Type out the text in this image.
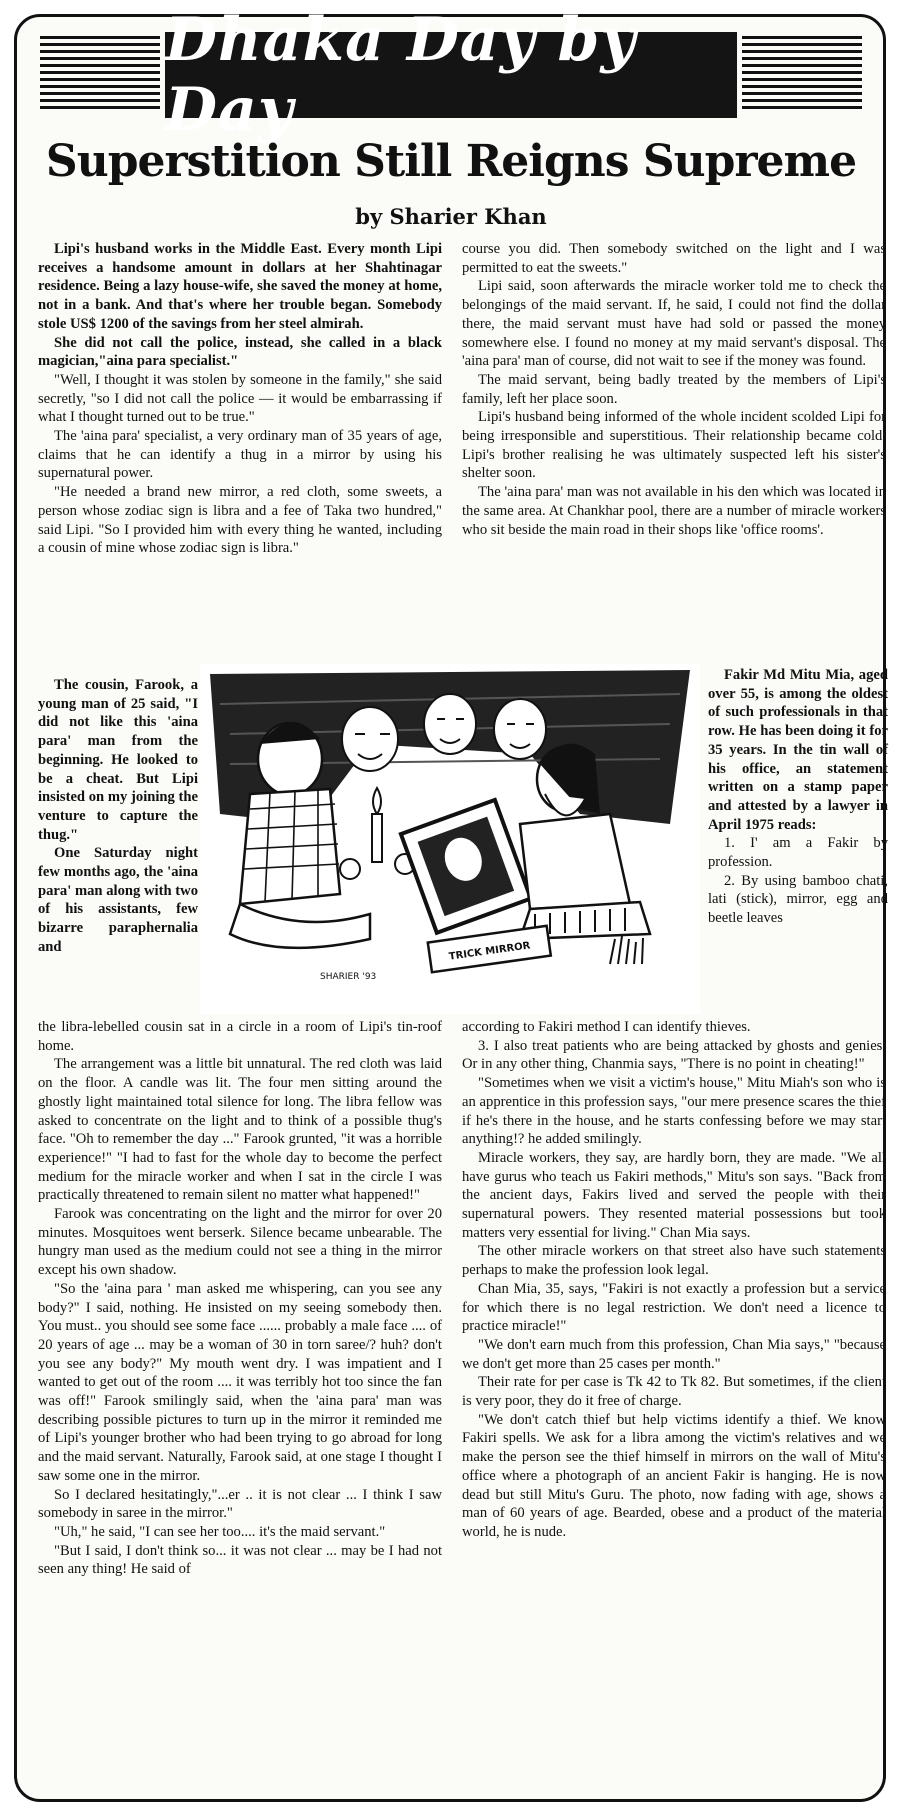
Dhaka Day by Day
Superstition Still Reigns Supreme
by Sharier Khan

Lipi's husband works in the Middle East. Every month Lipi receives a handsome amount in dollars at her Shahtinagar residence. Being a lazy house-wife, she saved the money at home, not in a bank. And that's where her trouble began. Somebody stole US$ 1200 of the savings from her steel almirah.

She did not call the police, instead, she called in a black magician,"aina para specialist."

"Well, I thought it was stolen by someone in the family," she said secretly, "so I did not call the police — it would be embarrassing if what I thought turned out to be true."

The 'aina para' specialist, a very ordinary man of 35 years of age, claims that he can identify a thug in a mirror by using his supernatural power.

"He needed a brand new mirror, a red cloth, some sweets, a person whose zodiac sign is libra and a fee of Taka two hundred," said Lipi. "So I provided him with every thing he wanted, including a cousin of mine whose zodiac sign is libra."

The cousin, Farook, a young man of 25 said, "I did not like this 'aina para' man from the beginning. He looked to be a cheat. But Lipi insisted on my joining the venture to capture the thug."

One Saturday night few months ago, the 'aina para' man along with two of his assistants, few bizarre paraphernalia and

the libra-lebelled cousin sat in a circle in a room of Lipi's tin-roof home.

The arrangement was a little bit unnatural. The red cloth was laid on the floor. A candle was lit. The four men sitting around the ghostly light maintained total silence for long. The libra fellow was asked to concentrate on the light and to think of a possible thug's face. "Oh to remember the day ..." Farook grunted, "it was a horrible experience!" "I had to fast for the whole day to become the perfect medium for the miracle worker and when I sat in the circle I was practically threatened to remain silent no matter what happened!"

Farook was concentrating on the light and the mirror for over 20 minutes. Mosquitoes went berserk. Silence became unbearable. The hungry man used as the medium could not see a thing in the mirror except his own shadow.

"So the 'aina para ' man asked me whispering, can you see any body?" I said, nothing. He insisted on my seeing somebody then. You must.. you should see some face ...... probably a male face .... of 20 years of age ... may be a woman of 30 in torn saree/? huh? don't you see any body?" My mouth went dry. I was impatient and I wanted to get out of the room .... it was terribly hot too since the fan was off!" Farook smilingly said, when the 'aina para' man was describing possible pictures to turn up in the mirror it reminded me of Lipi's younger brother who had been trying to go abroad for long and the maid servant. Naturally, Farook said, at one stage I thought I saw some one in the mirror.

So I declared hesitatingly,"...er .. it is not clear ... I think I saw somebody in saree in the mirror."

"Uh," he said, "I can see her too.... it's the maid servant."

"But I said, I don't think so... it was not clear ... may be I had not seen any thing! He said of

course you did. Then somebody switched on the light and I was permitted to eat the sweets."

Lipi said, soon afterwards the miracle worker told me to check the belongings of the maid servant. If, he said, I could not find the dollar there, the maid servant must have had sold or passed the money somewhere else. I found no money at my maid servant's disposal. The 'aina para' man of course, did not wait to see if the money was found.

The maid servant, being badly treated by the members of Lipi's family, left her place soon.

Lipi's husband being informed of the whole incident scolded Lipi for being irresponsible and superstitious. Their relationship became cold. Lipi's brother realising he was ultimately suspected left his sister's shelter soon.

The 'aina para' man was not available in his den which was located in the same area. At Chankhar pool, there are a number of miracle workers who sit beside the main road in their shops like 'office rooms'.

Fakir Md Mitu Mia, aged over 55, is among the oldest of such professionals in that row. He has been doing it for 35 years. In the tin wall of his office, an statement written on a stamp paper and attested by a lawyer in April 1975 reads:

1. I' am a Fakir by profession.

2. By using bamboo chati, lati (stick), mirror, egg and beetle leaves

according to Fakiri method I can identify thieves.

3. I also treat patients who are being attacked by ghosts and genies. Or in any other thing, Chanmia says, "There is no point in cheating!"

"Sometimes when we visit a victim's house," Mitu Miah's son who is an apprentice in this profession says, "our mere presence scares the thief if he's there in the house, and he starts confessing before we may start anything!? he added smilingly.

Miracle workers, they say, are hardly born, they are made. "We all have gurus who teach us Fakiri methods," Mitu's son says. "Back from the ancient days, Fakirs lived and served the people with their supernatural powers. They resented material possessions but took matters very essential for living." Chan Mia says.

The other miracle workers on that street also have such statements perhaps to make the profession look legal.

Chan Mia, 35, says, "Fakiri is not exactly a profession but a service for which there is no legal restriction. We don't need a licence to practice miracle!"

"We don't earn much from this profession, Chan Mia says," "because we don't get more than 25 cases per month."

Their rate for per case is Tk 42 to Tk 82. But sometimes, if the client is very poor, they do it free of charge.

"We don't catch thief but help victims identify a thief. We know Fakiri spells. We ask for a libra among the victim's relatives and we make the person see the thief himself in mirrors on the wall of Mitu's office where a photograph of an ancient Fakir is hanging. He is now dead but still Mitu's Guru. The photo, now fading with age, shows a man of 60 years of age. Bearded, obese and a product of the material world, he is nude.

TRICK MIRROR
SHARIER '93
